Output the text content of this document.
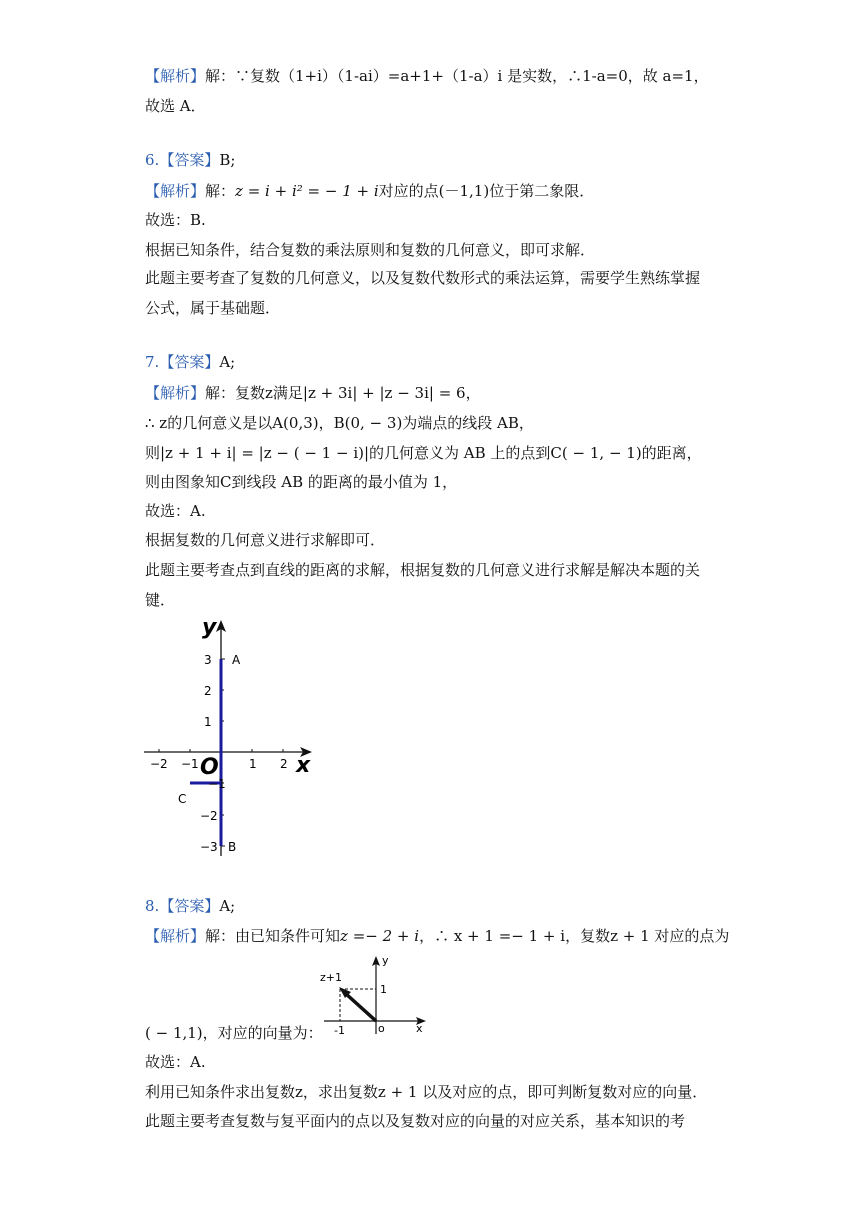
【解析】解：∵复数（1+i）（1-ai）=a+1+（1-a）i 是实数，∴1-a=0，故 a=1，
故选 A．
6.【答案】B;
【解析】解：z = i + i² = − 1 + i对应的点(－1,1)位于第二象限．
故选：B.
根据已知条件，结合复数的乘法原则和复数的几何意义，即可求解．
此题主要考查了复数的几何意义，以及复数代数形式的乘法运算，需要学生熟练掌握
公式，属于基础题．
7.【答案】A;
【解析】解：复数z满足|z + 3i| + |z − 3i| = 6，
∴ z的几何意义是以A(0,3)，B(0, − 3)为端点的线段 AB，
则|z + 1 + i| = |z − ( − 1 − i)|的几何意义为 AB 上的点到C( − 1, − 1)的距离，
则由图象知C到线段 AB 的距离的最小值为 1，
故选：A.
根据复数的几何意义进行求解即可．
此题主要考查点到直线的距离的求解，根据复数的几何意义进行求解是解决本题的关
键．
y
x
O
−2 −1	1 2
3
2
1
−1
−2
−3
A
B
C
8.【答案】A;
【解析】解：由已知条件可知z =− 2 + i，∴ x + 1 =− 1 + i，复数z + 1 对应的点为
( − 1,1)，对应的向量为：
z+1
y
x
o
1
-1
故选：A.
利用已知条件求出复数z，求出复数z + 1 以及对应的点，即可判断复数对应的向量．
此题主要考查复数与复平面内的点以及复数对应的向量的对应关系，基本知识的考
